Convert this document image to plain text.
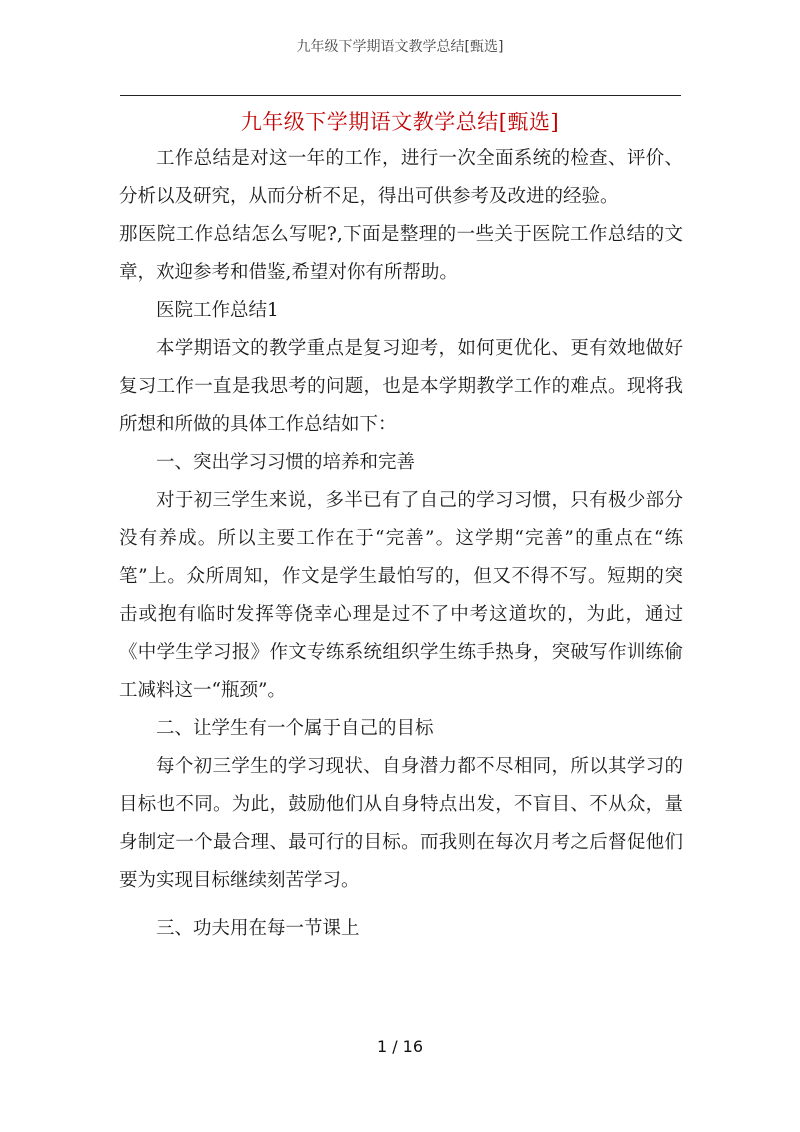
九年级下学期语文教学总结[甄选]
九年级下学期语文教学总结[甄选]

工作总结是对这一年的工作，进行一次全面系统的检查、评价、分析以及研究，从而分析不足，得出可供参考及改进的经验。

那医院工作总结怎么写呢?,下面是整理的一些关于医院工作总结的文章，欢迎参考和借鉴,希望对你有所帮助。

医院工作总结1

本学期语文的教学重点是复习迎考，如何更优化、更有效地做好复习工作一直是我思考的问题，也是本学期教学工作的难点。现将我所想和所做的具体工作总结如下：

一、突出学习习惯的培养和完善

对于初三学生来说，多半已有了自己的学习习惯，只有极少部分没有养成。所以主要工作在于“完善”。这学期“完善”的重点在“练笔”上。众所周知，作文是学生最怕写的，但又不得不写。短期的突击或抱有临时发挥等侥幸心理是过不了中考这道坎的，为此，通过《中学生学习报》作文专练系统组织学生练手热身，突破写作训练偷工减料这一“瓶颈”。

二、让学生有一个属于自己的目标

每个初三学生的学习现状、自身潜力都不尽相同，所以其学习的目标也不同。为此，鼓励他们从自身特点出发，不盲目、不从众，量身制定一个最合理、最可行的目标。而我则在每次月考之后督促他们要为实现目标继续刻苦学习。

三、功夫用在每一节课上

1 / 16
